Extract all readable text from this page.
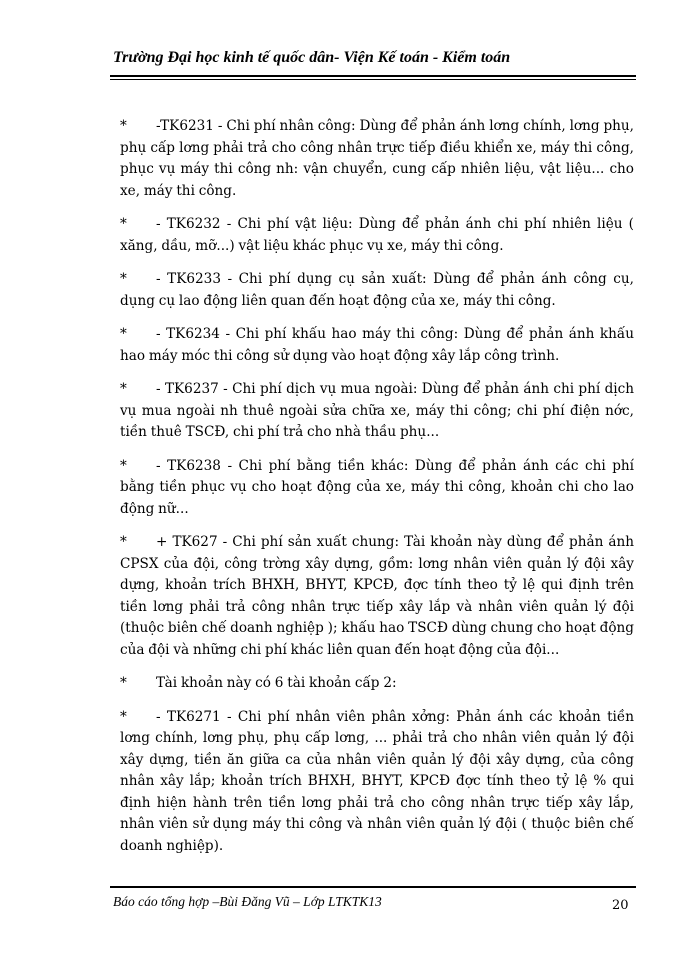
Trường Đại học kinh tế quốc dân- Viện Kế toán - Kiểm toán

* -TK6231 - Chi phí nhân công: Dùng để phản ánh lơng chính, lơng phụ, phụ cấp lơng phải trả cho công nhân trực tiếp điều khiển xe, máy thi công, phục vụ máy thi công nh: vận chuyển, cung cấp nhiên liệu, vật liệu... cho xe, máy thi công.

* - TK6232 - Chi phí vật liệu: Dùng để phản ánh chi phí nhiên liệu ( xăng, dầu, mỡ...) vật liệu khác phục vụ xe, máy thi công.

* - TK6233 - Chi phí dụng cụ sản xuất: Dùng để phản ánh công cụ, dụng cụ lao động liên quan đến hoạt động của xe, máy thi công.

* - TK6234 - Chi phí khấu hao máy thi công: Dùng để phản ánh khấu hao máy móc thi công sử dụng vào hoạt động xây lắp công trình.

* - TK6237 - Chi phí dịch vụ mua ngoài: Dùng để phản ánh chi phí dịch vụ mua ngoài nh thuê ngoài sửa chữa xe, máy thi công; chi phí điện nớc, tiền thuê TSCĐ, chi phí trả cho nhà thầu phụ...

* - TK6238 - Chi phí bằng tiền khác: Dùng để phản ánh các chi phí bằng tiền phục vụ cho hoạt động của xe, máy thi công, khoản chi cho lao động nữ...

* + TK627 - Chi phí sản xuất chung: Tài khoản này dùng để phản ánh CPSX của đội, công trờng xây dựng, gồm: lơng nhân viên quản lý đội xây dựng, khoản trích BHXH, BHYT, KPCĐ, đợc tính theo tỷ lệ qui định trên tiền lơng phải trả công nhân trực tiếp xây lắp và nhân viên quản lý đội (thuộc biên chế doanh nghiệp ); khấu hao TSCĐ dùng chung cho hoạt động của đội và những chi phí khác liên quan đến hoạt động của đội...

* Tài khoản này có 6 tài khoản cấp 2:

* - TK6271 - Chi phí nhân viên phân xởng: Phản ánh các khoản tiền lơng chính, lơng phụ, phụ cấp lơng, ... phải trả cho nhân viên quản lý đội xây dựng, tiền ăn giữa ca của nhân viên quản lý đội xây dựng, của công nhân xây lắp; khoản trích BHXH, BHYT, KPCĐ đợc tính theo tỷ lệ % qui định hiện hành trên tiền lơng phải trả cho công nhân trực tiếp xây lắp, nhân viên sử dụng máy thi công và nhân viên quản lý đội ( thuộc biên chế doanh nghiệp).

Báo cáo tổng hợp –Bùi Đăng Vũ – Lớp LTKTK13	20
